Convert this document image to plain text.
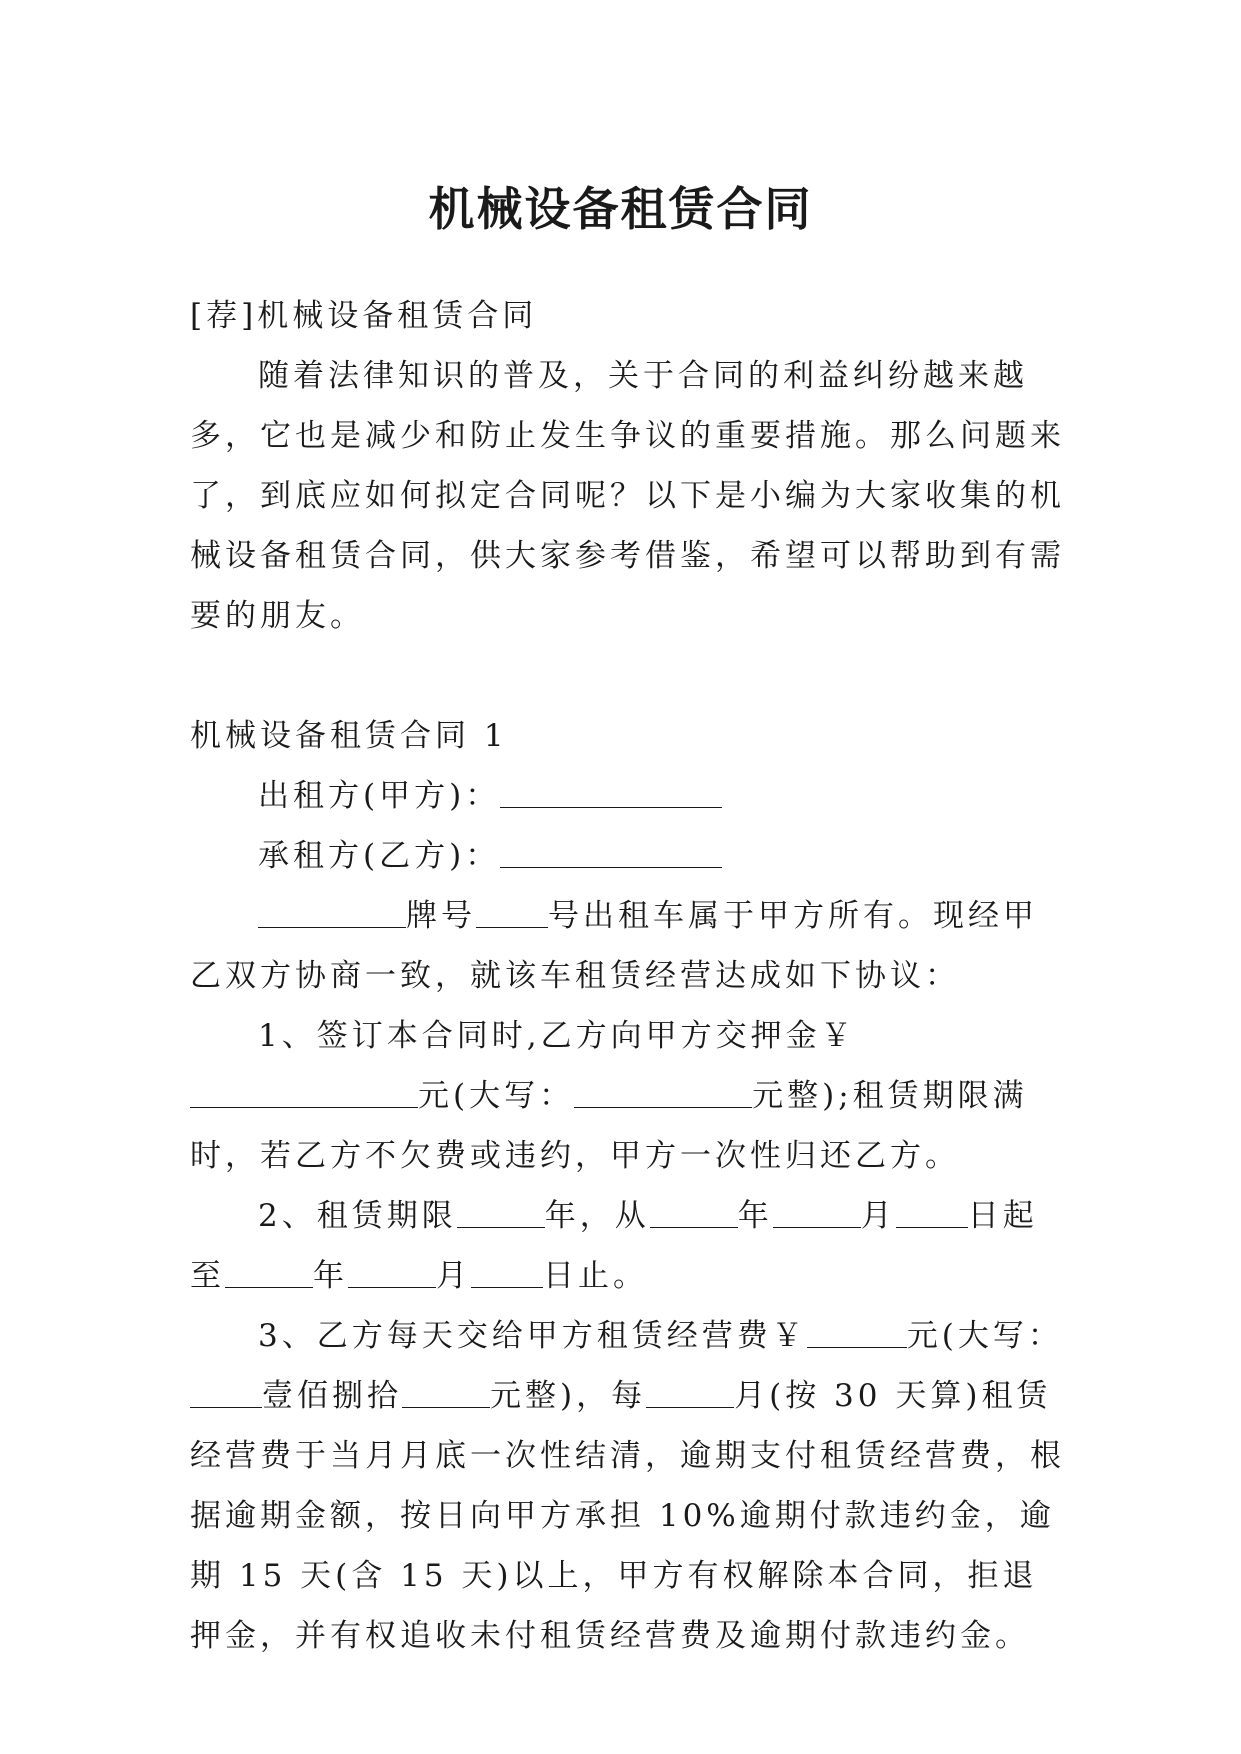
机械设备租赁合同

[荐]机械设备租赁合同

随着法律知识的普及，关于合同的利益纠纷越来越多，它也是减少和防止发生争议的重要措施。那么问题来了，到底应如何拟定合同呢？以下是小编为大家收集的机械设备租赁合同，供大家参考借鉴，希望可以帮助到有需要的朋友。

机械设备租赁合同 1

出租方(甲方)：

承租方(乙方)：

牌号 号出租车属于甲方所有。现经甲乙双方协商一致，就该车租赁经营达成如下协议：

1、签订本合同时,乙方向甲方交押金￥元(大写：	元整);租赁期限满时，若乙方不欠费或违约，甲方一次性归还乙方。

2、租赁期限	年，从	年	月 日起至	年	月 日止。

3、乙方每天交给甲方租赁经营费￥	元(大写：壹佰捌拾	元整)，每	月(按 30 天算)租赁经营费于当月月底一次性结清，逾期支付租赁经营费，根据逾期金额，按日向甲方承担 10%逾期付款违约金，逾期 15 天(含 15 天)以上，甲方有权解除本合同，拒退押金，并有权追收未付租赁经营费及逾期付款违约金。
